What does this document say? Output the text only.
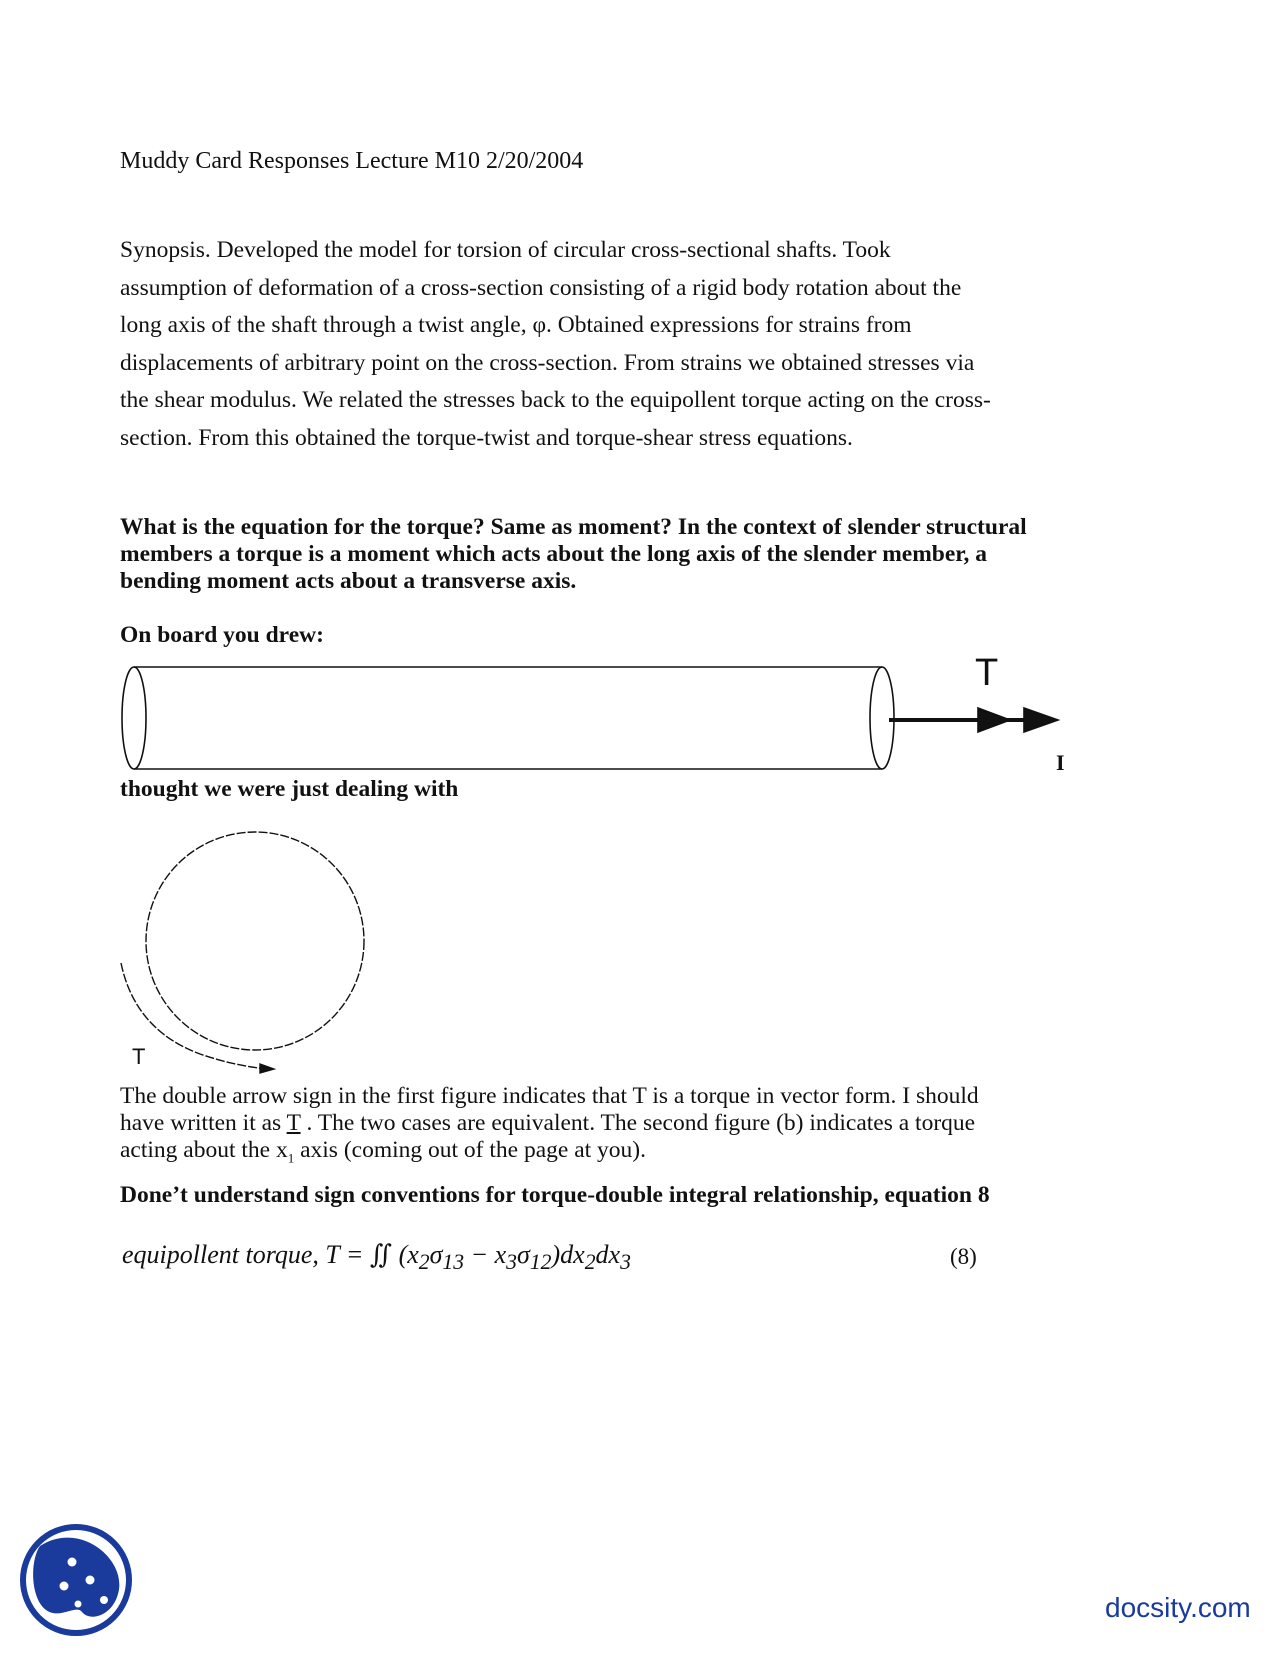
Muddy Card Responses Lecture M10 2/20/2004
Synopsis. Developed the model for torsion of circular cross-sectional shafts. Took
assumption of deformation of a cross-section consisting of a rigid body rotation about the
long axis of the shaft through a twist angle, φ. Obtained expressions for strains from
displacements of arbitrary point on the cross-section. From strains we obtained stresses via
the shear modulus. We related the stresses back to the equipollent torque acting on the cross-
section. From this obtained the torque-twist and torque-shear stress equations.
What is the equation for the torque? Same as moment? In the context of slender structural
members a torque is a moment which acts about the long axis of the slender member, a
bending moment acts about a transverse axis.
On board you drew:
T
I
thought we were just dealing with
T
The double arrow sign in the first figure indicates that T is a torque in vector form. I should
have written it as T . The two cases are equivalent. The second figure (b) indicates a torque
acting about the $x_1$ axis (coming out of the page at you).
Done’t understand sign conventions for torque-double integral relationship, equation 8
equipollent torque, T = ∬ $(x_2\sigma_{13} - x_3\sigma_{12})dx_2dx_3$	(8)
docsity.com
